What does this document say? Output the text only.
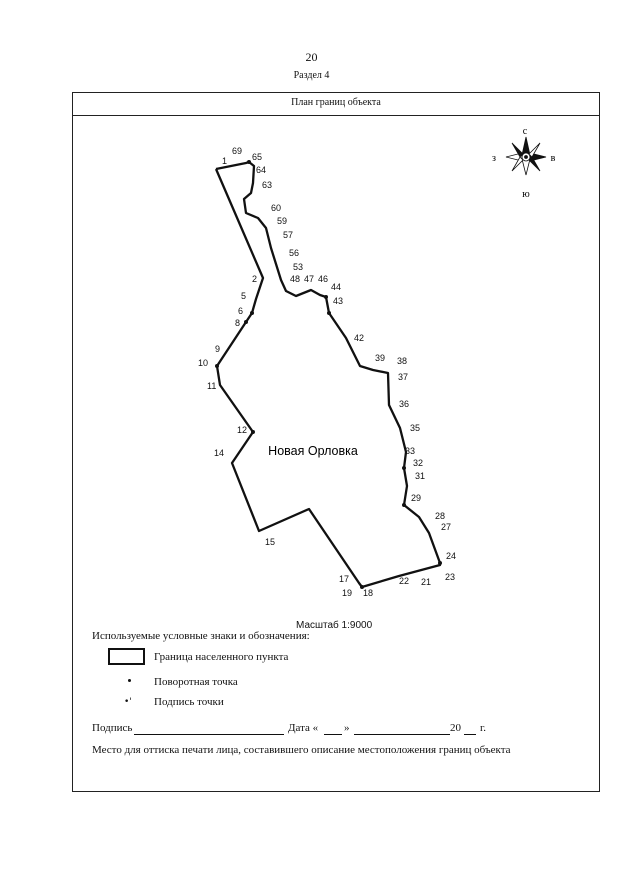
20
Раздел 4
План границ объекта
с
ю
з	в
69
1	65
64
63
60
59
57
56
53
48 47 46
44
43
42
39 38
37
36
35
33
32
31
29
28
27
24
23
21
22
18
19
17
15
14
12
11
10
9
8
6
5
2
Новая Орловка
Масштаб 1:9000
Используемые условные знаки и обозначения:
Граница населенного пункта
Поворотная точка
•' Подпись точки
Подпись	Дата « »	20 г.
Место для оттиска печати лица, составившего описание местоположения границ объекта
